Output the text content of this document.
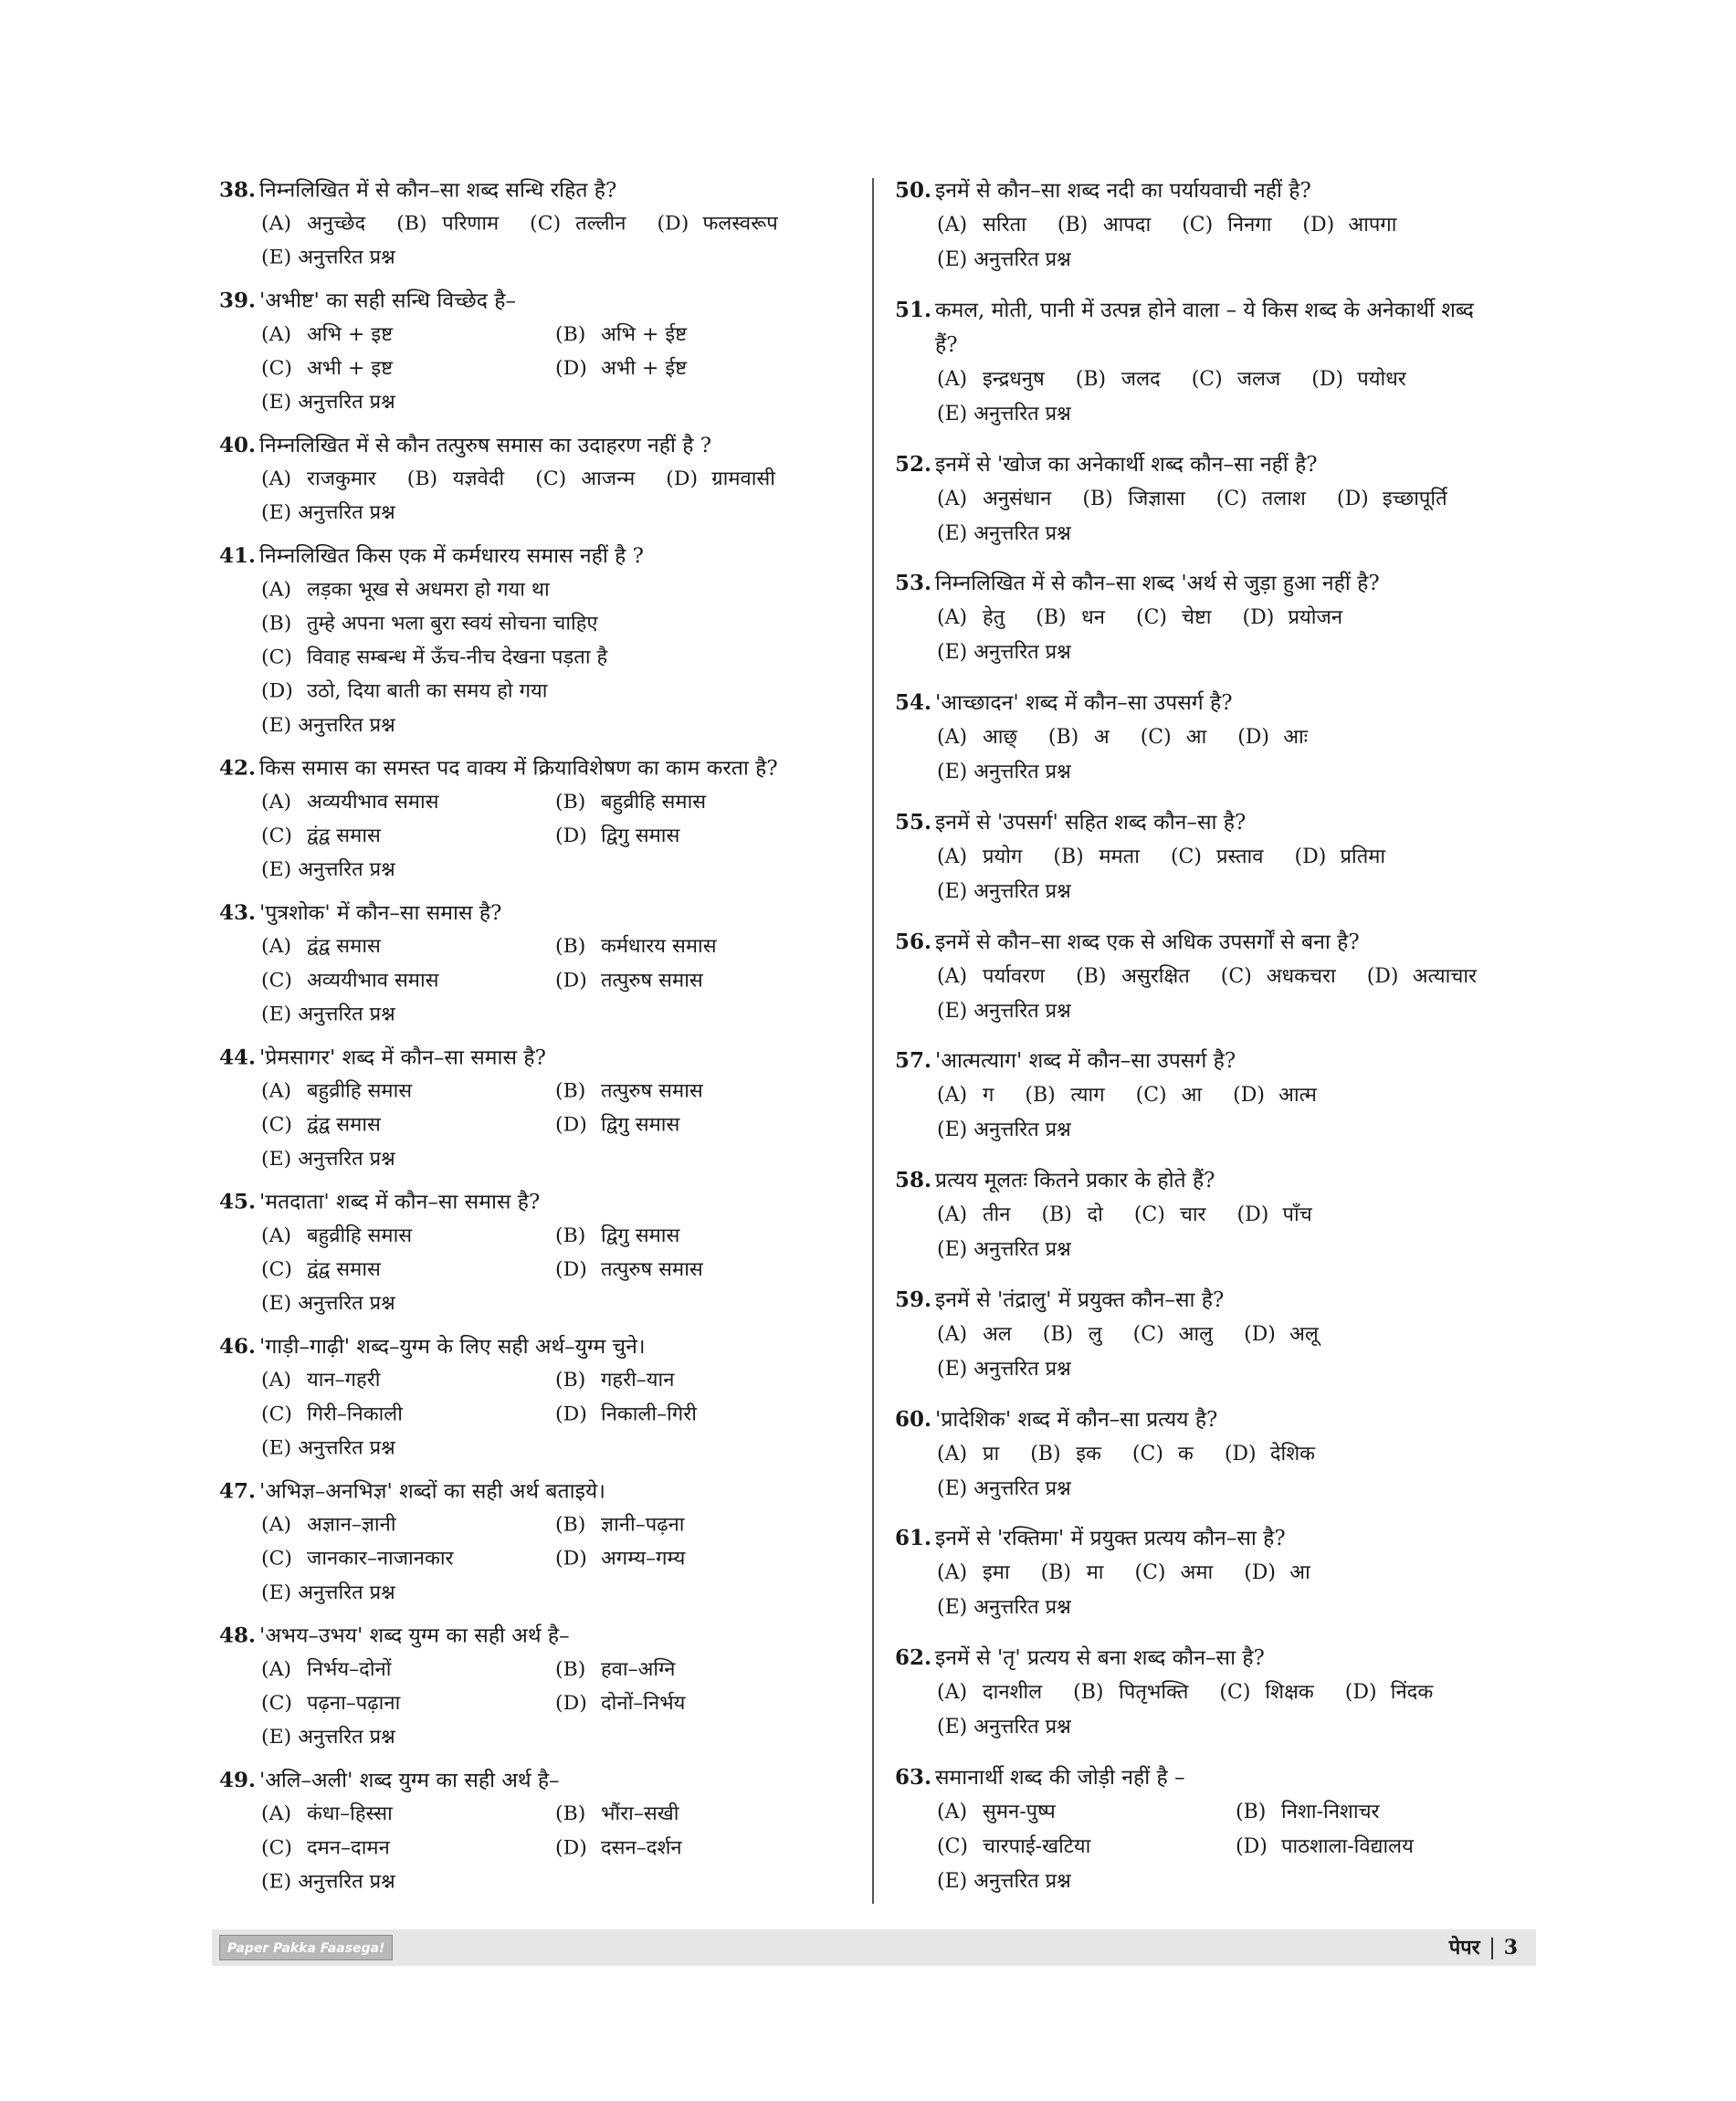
38. निम्नलिखित में से कौन–सा शब्द सन्धि रहित है?
(A) अनुच्छेद	(B) परिणाम	(C) तल्लीन	(D) फलस्वरूप
(E) अनुत्तरित प्रश्न
39. 'अभीष्ट' का सही सन्धि विच्छेद है–
(A) अभि + इष्ट	(B) अभि + ईष्ट
(C) अभी + इष्ट	(D) अभी + ईष्ट
(E) अनुत्तरित प्रश्न
40. निम्नलिखित में से कौन तत्पुरुष समास का उदाहरण नहीं है ?
(A) राजकुमार	(B) यज्ञवेदी	(C) आजन्म	(D) ग्रामवासी
(E) अनुत्तरित प्रश्न
41. निम्नलिखित किस एक में कर्मधारय समास नहीं है ?
(A) लड़का भूख से अधमरा हो गया था
(B) तुम्हे अपना भला बुरा स्वयं सोचना चाहिए
(C) विवाह सम्बन्ध में ऊँच-नीच देखना पड़ता है
(D) उठो, दिया बाती का समय हो गया
(E) अनुत्तरित प्रश्न
42. किस समास का समस्त पद वाक्य में क्रियाविशेषण का काम करता है?
(A) अव्ययीभाव समास	(B) बहुव्रीहि समास
(C) द्वंद्व समास	(D) द्विगु समास
(E) अनुत्तरित प्रश्न
43. 'पुत्रशोक' में कौन–सा समास है?
(A) द्वंद्व समास	(B) कर्मधारय समास
(C) अव्ययीभाव समास	(D) तत्पुरुष समास
(E) अनुत्तरित प्रश्न
44. 'प्रेमसागर' शब्द में कौन–सा समास है?
(A) बहुव्रीहि समास	(B) तत्पुरुष समास
(C) द्वंद्व समास	(D) द्विगु समास
(E) अनुत्तरित प्रश्न
45. 'मतदाता' शब्द में कौन–सा समास है?
(A) बहुव्रीहि समास	(B) द्विगु समास
(C) द्वंद्व समास	(D) तत्पुरुष समास
(E) अनुत्तरित प्रश्न
46. 'गाड़ी–गाढ़ी' शब्द–युग्म के लिए सही अर्थ–युग्म चुने।
(A) यान–गहरी	(B) गहरी–यान
(C) गिरी–निकाली	(D) निकाली–गिरी
(E) अनुत्तरित प्रश्न
47. 'अभिज्ञ–अनभिज्ञ' शब्दों का सही अर्थ बताइये।
(A) अज्ञान–ज्ञानी	(B) ज्ञानी–पढ़ना
(C) जानकार–नाजानकार	(D) अगम्य–गम्य
(E) अनुत्तरित प्रश्न
48. 'अभय–उभय' शब्द युग्म का सही अर्थ है–
(A) निर्भय–दोनों	(B) हवा–अग्नि
(C) पढ़ना–पढ़ाना	(D) दोनों–निर्भय
(E) अनुत्तरित प्रश्न
49. 'अलि–अली' शब्द युग्म का सही अर्थ है–
(A) कंधा–हिस्सा	(B) भौंरा–सखी
(C) दमन–दामन	(D) दसन–दर्शन
(E) अनुत्तरित प्रश्न
50. इनमें से कौन–सा शब्द नदी का पर्यायवाची नहीं है?
(A) सरिता	(B) आपदा	(C) निनगा	(D) आपगा
(E) अनुत्तरित प्रश्न
51. कमल, मोती, पानी में उत्पन्न होने वाला – ये किस शब्द के अनेकार्थी शब्द
हैं?
(A) इन्द्रधनुष	(B) जलद	(C) जलज	(D) पयोधर
(E) अनुत्तरित प्रश्न
52. इनमें से 'खोज का अनेकार्थी शब्द कौन–सा नहीं है?
(A) अनुसंधान	(B) जिज्ञासा	(C) तलाश	(D) इच्छापूर्ति
(E) अनुत्तरित प्रश्न
53. निम्नलिखित में से कौन–सा शब्द 'अर्थ से जुड़ा हुआ नहीं है?
(A) हेतु	(B) धन	(C) चेष्टा	(D) प्रयोजन
(E) अनुत्तरित प्रश्न
54. 'आच्छादन' शब्द में कौन–सा उपसर्ग है?
(A) आछ्	(B) अ	(C) आ	(D) आः
(E) अनुत्तरित प्रश्न
55. इनमें से 'उपसर्ग' सहित शब्द कौन–सा है?
(A) प्रयोग	(B) ममता	(C) प्रस्ताव	(D) प्रतिमा
(E) अनुत्तरित प्रश्न
56. इनमें से कौन–सा शब्द एक से अधिक उपसर्गों से बना है?
(A) पर्यावरण	(B) असुरक्षित	(C) अधकचरा	(D) अत्याचार
(E) अनुत्तरित प्रश्न
57. 'आत्मत्याग' शब्द में कौन–सा उपसर्ग है?
(A) ग	(B) त्याग	(C) आ	(D) आत्म
(E) अनुत्तरित प्रश्न
58. प्रत्यय मूलतः कितने प्रकार के होते हैं?
(A) तीन	(B) दो	(C) चार	(D) पाँच
(E) अनुत्तरित प्रश्न
59. इनमें से 'तंद्रालु' में प्रयुक्त कौन–सा है?
(A) अल	(B) लु	(C) आलु	(D) अलू
(E) अनुत्तरित प्रश्न
60. 'प्रादेशिक' शब्द में कौन–सा प्रत्यय है?
(A) प्रा	(B) इक	(C) क	(D) देशिक
(E) अनुत्तरित प्रश्न
61. इनमें से 'रक्तिमा' में प्रयुक्त प्रत्यय कौन–सा है?
(A) इमा	(B) मा	(C) अमा	(D) आ
(E) अनुत्तरित प्रश्न
62. इनमें से 'तृ' प्रत्यय से बना शब्द कौन–सा है?
(A) दानशील	(B) पितृभक्ति	(C) शिक्षक	(D) निंदक
(E) अनुत्तरित प्रश्न
63. समानार्थी शब्द की जोड़ी नहीं है –
(A) सुमन-पुष्प	(B) निशा-निशाचर
(C) चारपाई-खटिया	(D) पाठशाला-विद्यालय
(E) अनुत्तरित प्रश्न
Paper Pakka Faasega!	पेपर 3
